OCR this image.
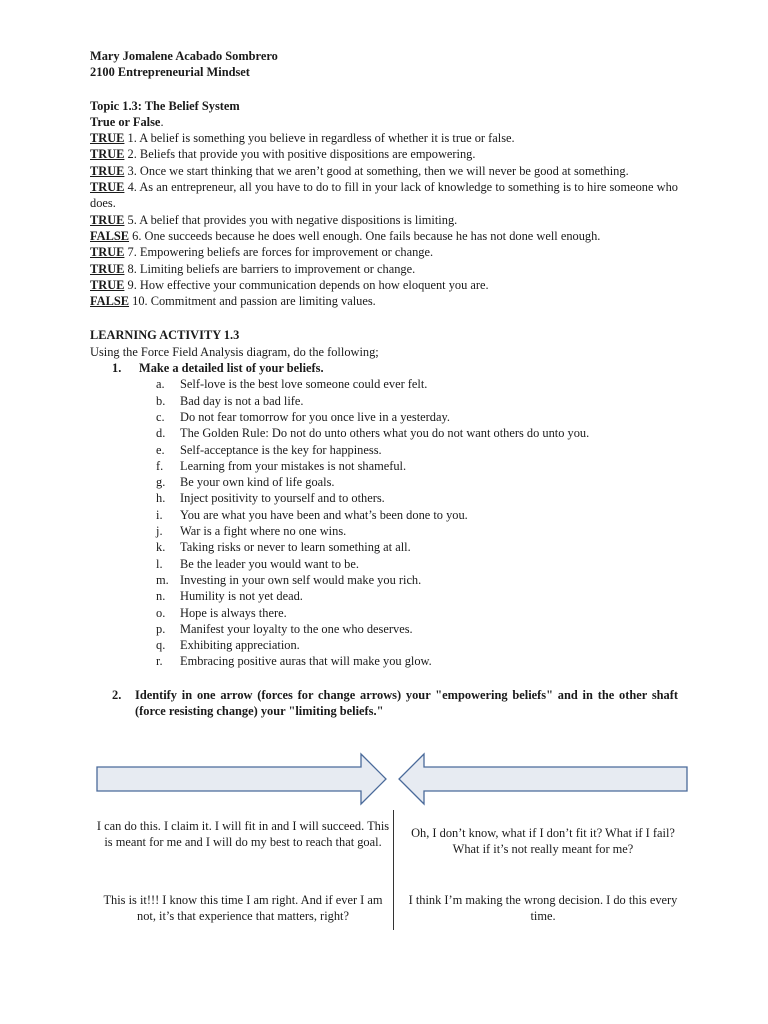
Mary Jomalene Acabado Sombrero
2100 Entrepreneurial Mindset
Topic 1.3: The Belief System
True or False.
TRUE 1. A belief is something you believe in regardless of whether it is true or false.
TRUE 2. Beliefs that provide you with positive dispositions are empowering.
TRUE 3. Once we start thinking that we aren’t good at something, then we will never be good at something.
TRUE 4. As an entrepreneur, all you have to do to fill in your lack of knowledge to something is to hire someone who does.
TRUE 5. A belief that provides you with negative dispositions is limiting.
FALSE 6. One succeeds because he does well enough. One fails because he has not done well enough.
TRUE 7. Empowering beliefs are forces for improvement or change.
TRUE 8. Limiting beliefs are barriers to improvement or change.
TRUE 9. How effective your communication depends on how eloquent you are.
FALSE 10. Commitment and passion are limiting values.
LEARNING ACTIVITY 1.3
Using the Force Field Analysis diagram, do the following;
1. Make a detailed list of your beliefs.
a. Self-love is the best love someone could ever felt.
b. Bad day is not a bad life.
c. Do not fear tomorrow for you once live in a yesterday.
d. The Golden Rule: Do not do unto others what you do not want others do unto you.
e. Self-acceptance is the key for happiness.
f. Learning from your mistakes is not shameful.
g. Be your own kind of life goals.
h. Inject positivity to yourself and to others.
i. You are what you have been and what’s been done to you.
j. War is a fight where no one wins.
k. Taking risks or never to learn something at all.
l. Be the leader you would want to be.
m. Investing in your own self would make you rich.
n. Humility is not yet dead.
o. Hope is always there.
p. Manifest your loyalty to the one who deserves.
q. Exhibiting appreciation.
r. Embracing positive auras that will make you glow.
2. Identify in one arrow (forces for change arrows) your "empowering beliefs" and in the other shaft (force resisting change) your "limiting beliefs."
I can do this. I claim it. I will fit in and I will succeed. This is meant for me and I will do my best to reach that goal.
This is it!!! I know this time I am right. And if ever I am not, it’s that experience that matters, right?
Oh, I don’t know, what if I don’t fit it? What if I fail? What if it’s not really meant for me?
I think I’m making the wrong decision. I do this every time.
